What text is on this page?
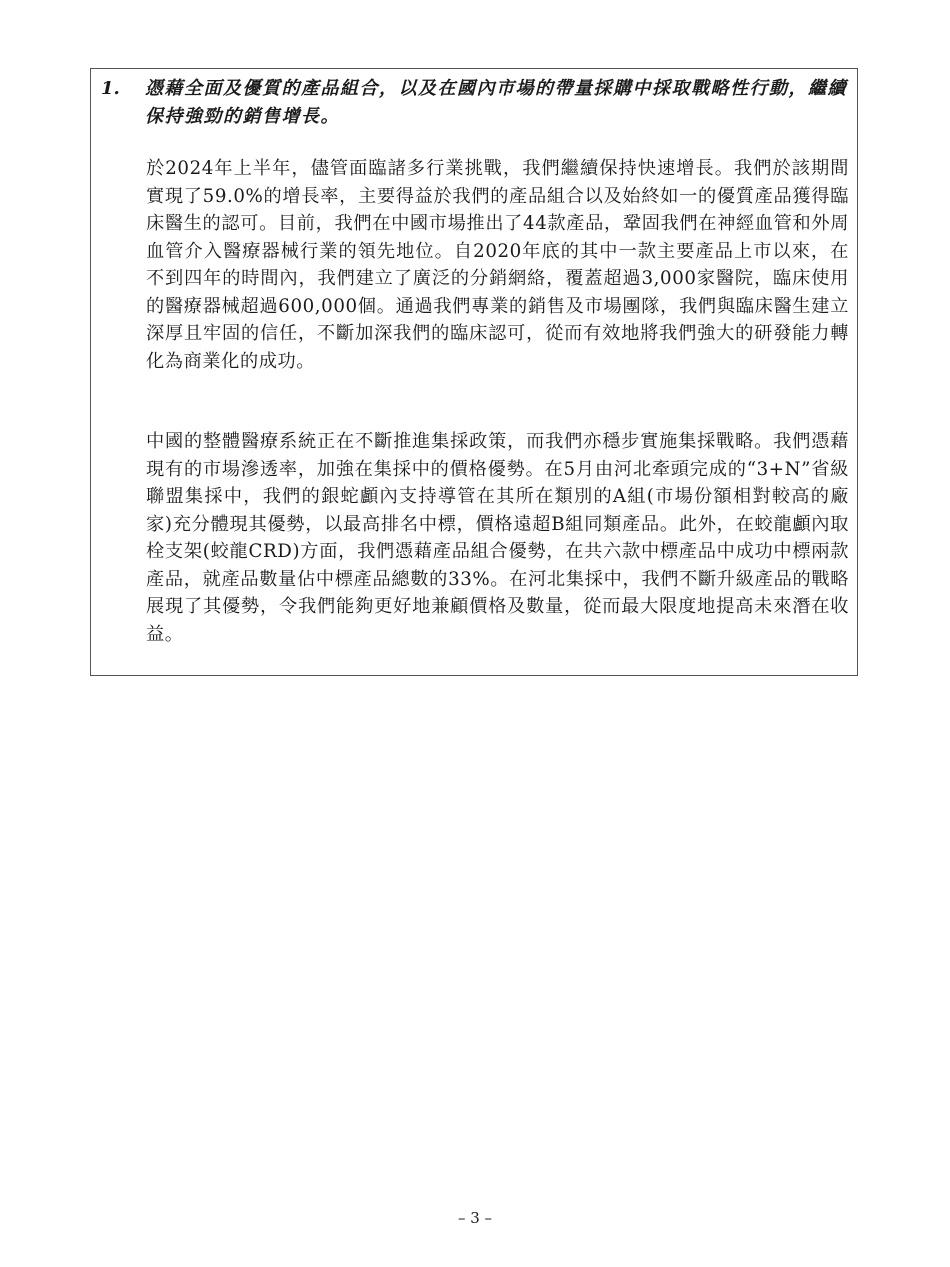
1.	憑藉全面及優質的產品組合，以及在國內市場的帶量採購中採取戰略性行動，繼續保持強勁的銷售增長。

於2024年上半年，儘管面臨諸多行業挑戰，我們繼續保持快速增長。我們於該期間實現了59.0%的增長率，主要得益於我們的產品組合以及始終如一的優質產品獲得臨床醫生的認可。目前，我們在中國市場推出了44款產品，鞏固我們在神經血管和外周血管介入醫療器械行業的領先地位。自2020年底的其中一款主要產品上市以來，在不到四年的時間內，我們建立了廣泛的分銷網絡，覆蓋超過3,000家醫院，臨床使用的醫療器械超過600,000個。通過我們專業的銷售及市場團隊，我們與臨床醫生建立深厚且牢固的信任，不斷加深我們的臨床認可，從而有效地將我們強大的研發能力轉化為商業化的成功。

中國的整體醫療系統正在不斷推進集採政策，而我們亦穩步實施集採戰略。我們憑藉現有的市場滲透率，加強在集採中的價格優勢。在5月由河北牽頭完成的“3+N”省級聯盟集採中，我們的銀蛇顱內支持導管在其所在類別的A組(市場份額相對較高的廠家)充分體現其優勢，以最高排名中標，價格遠超B組同類產品。此外，在蛟龍顱內取栓支架(蛟龍CRD)方面，我們憑藉產品組合優勢，在共六款中標產品中成功中標兩款產品，就產品數量佔中標產品總數的33%。在河北集採中，我們不斷升級產品的戰略展現了其優勢，令我們能夠更好地兼顧價格及數量，從而最大限度地提高未來潛在收益。

– 3 –
